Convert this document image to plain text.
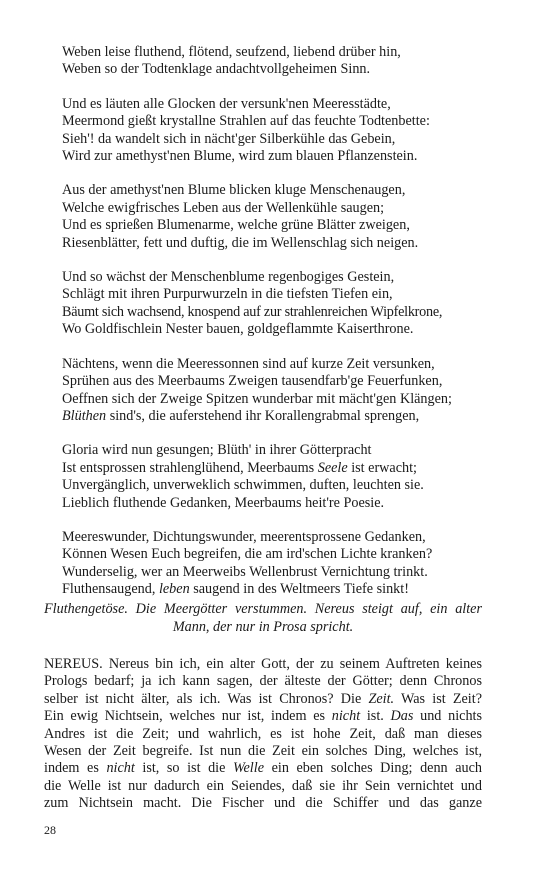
Weben leise fluthend, flötend, seufzend, liebend drüber hin,
Weben so der Todtenklage andachtvollgeheimen Sinn.
Und es läuten alle Glocken der versunk'nen Meeresstädte,
Meermond gießt krystallne Strahlen auf das feuchte Todtenbette:
Sieh'! da wandelt sich in nächt'ger Silberkühle das Gebein,
Wird zur amethyst'nen Blume, wird zum blauen Pflanzenstein.
Aus der amethyst'nen Blume blicken kluge Menschenaugen,
Welche ewigfrisches Leben aus der Wellenkühle saugen;
Und es sprießen Blumenarme, welche grüne Blätter zweigen,
Riesenblätter, fett und duftig, die im Wellenschlag sich neigen.
Und so wächst der Menschenblume regenbogiges Gestein,
Schlägt mit ihren Purpurwurzeln in die tiefsten Tiefen ein,
Bäumt sich wachsend, knospend auf zur strahlenreichen Wipfelkrone,
Wo Goldfischlein Nester bauen, goldgeflammte Kaiserthrone.
Nächtens, wenn die Meeressonnen sind auf kurze Zeit versunken,
Sprühen aus des Meerbaums Zweigen tausendfarb'ge Feuerfunken,
Oeffnen sich der Zweige Spitzen wunderbar mit mächt'gen Klängen;
Blüthen sind's, die auferstehend ihr Korallengrabmal sprengen,
Gloria wird nun gesungen; Blüth' in ihrer Götterpracht
Ist entsprossen strahlenglühend, Meerbaums Seele ist erwacht;
Unvergänglich, unverweklich schwimmen, duften, leuchten sie.
Lieblich fluthende Gedanken, Meerbaums heit're Poesie.
Meereswunder, Dichtungswunder, meerentsprossene Gedanken,
Können Wesen Euch begreifen, die am ird'schen Lichte kranken?
Wunderselig, wer an Meerweibs Wellenbrust Vernichtung trinkt.
Fluthensaugend, leben saugend in des Weltmeers Tiefe sinkt!
Fluthengetöse. Die Meergötter verstummen. Nereus steigt auf, ein alter
Mann, der nur in Prosa spricht.
NEREUS. Nereus bin ich, ein alter Gott, der zu seinem Auftreten keines
Prologs bedarf; ja ich kann sagen, der älteste der Götter; denn Chronos
selber ist nicht älter, als ich. Was ist Chronos? Die Zeit. Was ist Zeit?
Ein ewig Nichtsein, welches nur ist, indem es nicht ist. Das und nichts
Andres ist die Zeit; und wahrlich, es ist hohe Zeit, daß man dieses
Wesen der Zeit begreife. Ist nun die Zeit ein solches Ding, welches ist,
indem es nicht ist, so ist die Welle ein eben solches Ding; denn auch
die Welle ist nur dadurch ein Seiendes, daß sie ihr Sein vernichtet und
zum Nichtsein macht. Die Fischer und die Schiffer und das ganze
28
